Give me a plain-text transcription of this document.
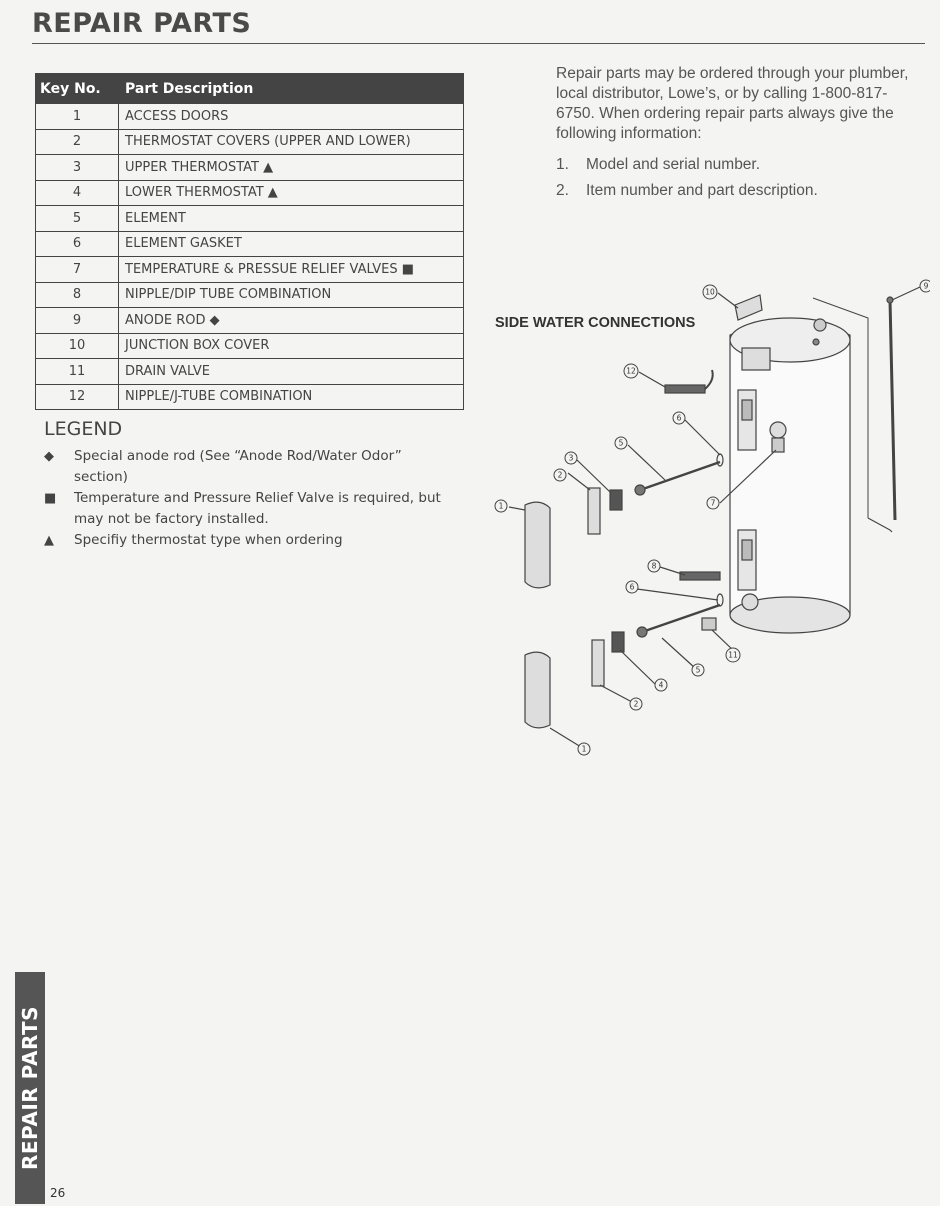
REPAIR PARTS
Key No.	Part Description
1	ACCESS DOORS
2	THERMOSTAT COVERS (UPPER AND LOWER)
3	UPPER THERMOSTAT ▲
4	LOWER THERMOSTAT ▲
5	ELEMENT
6	ELEMENT GASKET
7	TEMPERATURE & PRESSUE RELIEF VALVES ■
8	NIPPLE/DIP TUBE COMBINATION
9	ANODE ROD ◆
10	JUNCTION BOX COVER
11	DRAIN VALVE
12	NIPPLE/J-TUBE COMBINATION
LEGEND
◆ Special anode rod (See “Anode Rod/Water Odor” section)
■ Temperature and Pressure Relief Valve is required, but may not be factory installed.
▲ Specifiy thermostat type when ordering

Repair parts may be ordered through your plumber, local distributor, Lowe’s, or by calling 1-800-817-6750. When ordering repair parts always give the following information:

1. Model and serial number.
2. Item number and part description.
1
2
3
5
6
7
8
9
10
11
12
6
5
4
2
1

SIDE WATER CONNECTIONS

REPAIR PARTS
26
